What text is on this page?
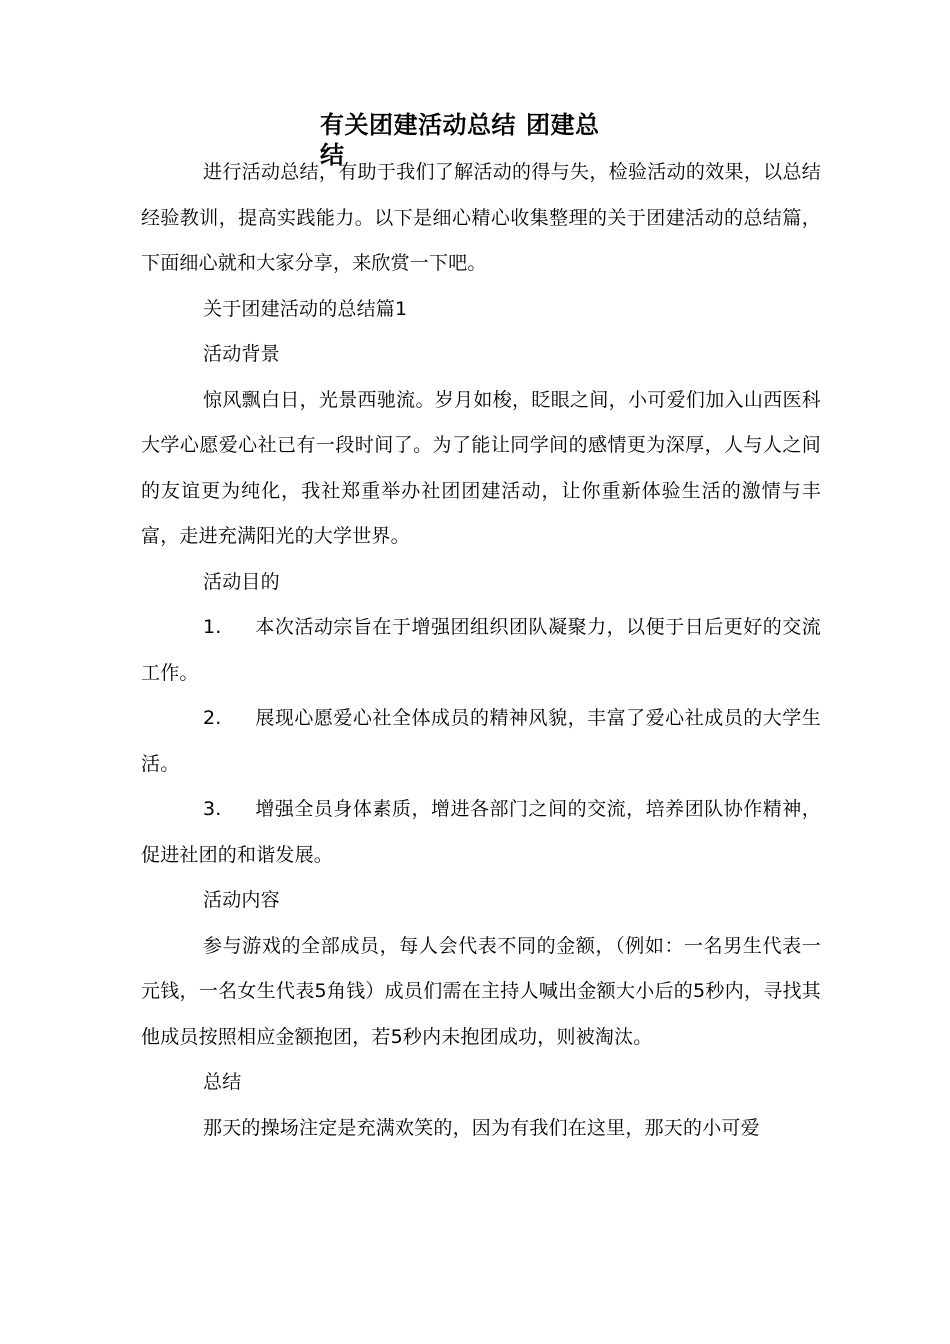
有关团建活动总结 团建总结

进行活动总结，有助于我们了解活动的得与失，检验活动的效果，以总结经验教训，提高实践能力。以下是细心精心收集整理的关于团建活动的总结篇，下面细心就和大家分享，来欣赏一下吧。

关于团建活动的总结篇1

活动背景

惊风飘白日，光景西驰流。岁月如梭，眨眼之间，小可爱们加入山西医科大学心愿爱心社已有一段时间了。为了能让同学间的感情更为深厚，人与人之间的友谊更为纯化，我社郑重举办社团团建活动，让你重新体验生活的激情与丰富，走进充满阳光的大学世界。

活动目的

1. 本次活动宗旨在于增强团组织团队凝聚力，以便于日后更好的交流工作。

2. 展现心愿爱心社全体成员的精神风貌，丰富了爱心社成员的大学生活。

3. 增强全员身体素质，增进各部门之间的交流，培养团队协作精神，促进社团的和谐发展。

活动内容

参与游戏的全部成员，每人会代表不同的金额，（例如：一名男生代表一元钱，一名女生代表5角钱）成员们需在主持人喊出金额大小后的5秒内，寻找其他成员按照相应金额抱团，若5秒内未抱团成功，则被淘汰。

总结

那天的操场注定是充满欢笑的，因为有我们在这里，那天的小可爱
